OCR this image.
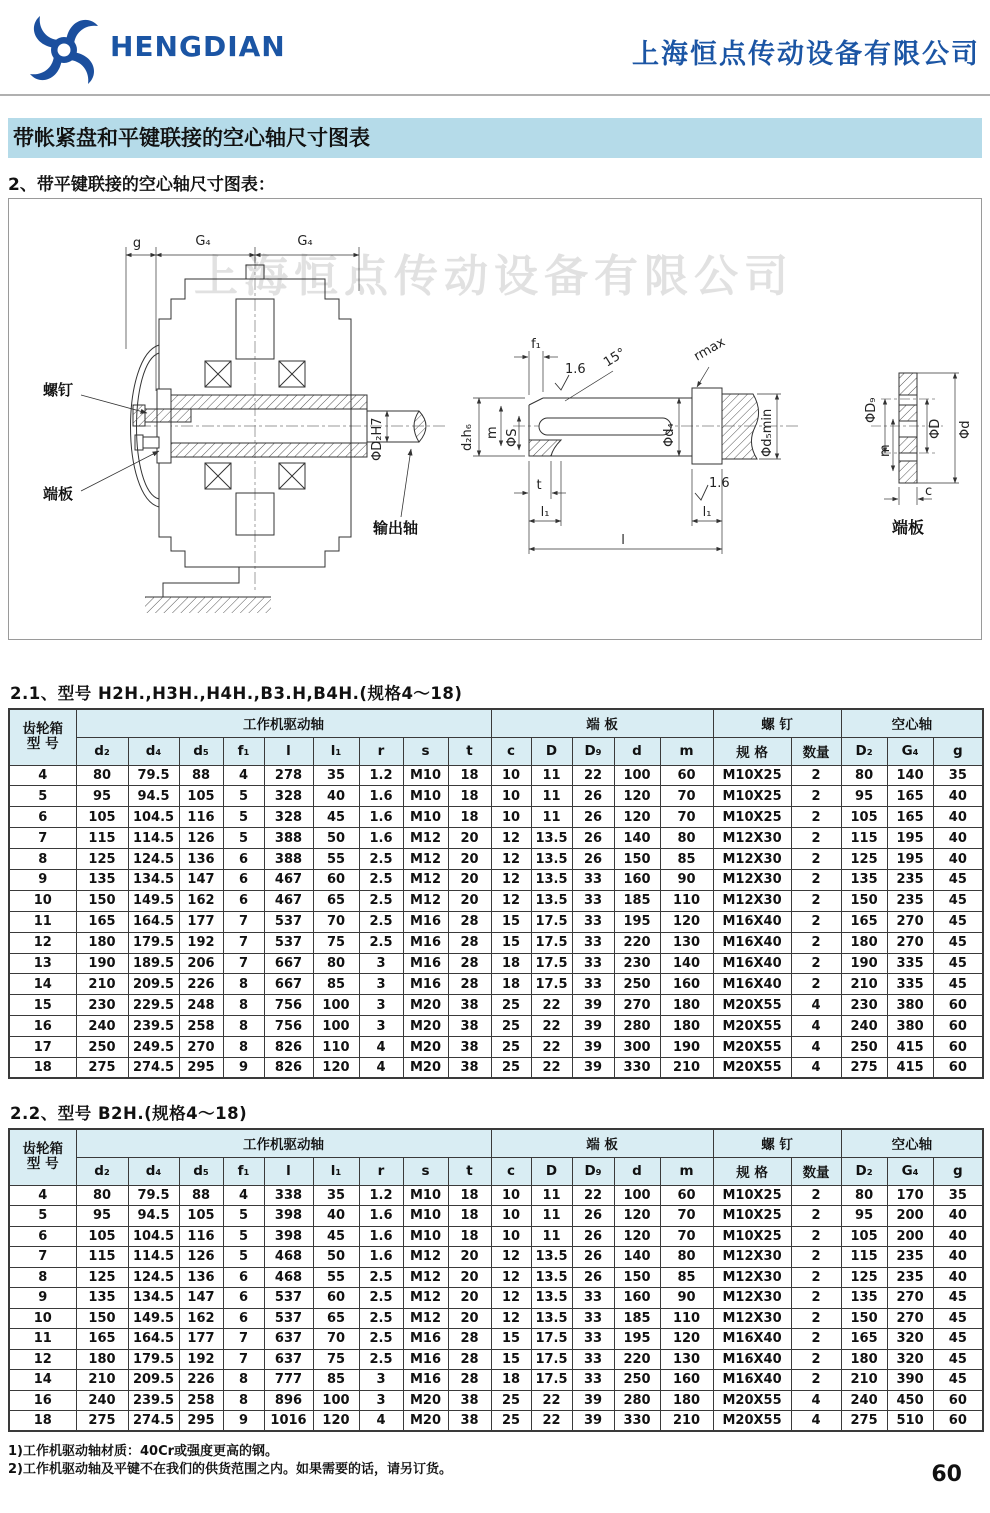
HENGDIAN	上海恒点传动设备有限公司
带帐紧盘和平键联接的空心轴尺寸图表
2、带平键联接的空心轴尺寸图表：
上海恒点传动设备有限公司
g	G₄	G₄
螺钉
端板
输出轴
ΦD₂H7
f₁
1.6 15°	rmax
d₂h₆ m ΦS	Φd₄	Φd₅min
1.6
t
l₁	l₁
l
ΦD₉
m
ΦD Φd
c
端板
2.1、型号 H2H.,H3H.,H4H.,B3.H,B4H.(规格4～18)
齿轮箱
型 号	工作机驱动轴									端 板					螺 钉		空心轴		
	d₂	d₄	d₅	f₁	l	l₁	r	s	t	c	D	D₉	d	m	规 格	数量	D₂	G₄	g
4	80	79.5	88	4	278	35	1.2	M10	18	10	11	22	100	60	M10X25	2	80	140	35
5	95	94.5	105	5	328	40	1.6	M10	18	10	11	26	120	70	M10X25	2	95	165	40
6	105	104.5	116	5	328	45	1.6	M10	18	10	11	26	120	70	M10X25	2	105	165	40
7	115	114.5	126	5	388	50	1.6	M12	20	12	13.5	26	140	80	M12X30	2	115	195	40
8	125	124.5	136	6	388	55	2.5	M12	20	12	13.5	26	150	85	M12X30	2	125	195	40
9	135	134.5	147	6	467	60	2.5	M12	20	12	13.5	33	160	90	M12X30	2	135	235	45
10	150	149.5	162	6	467	65	2.5	M12	20	12	13.5	33	185	110	M12X30	2	150	235	45
11	165	164.5	177	7	537	70	2.5	M16	28	15	17.5	33	195	120	M16X40	2	165	270	45
12	180	179.5	192	7	537	75	2.5	M16	28	15	17.5	33	220	130	M16X40	2	180	270	45
13	190	189.5	206	7	667	80	3	M16	28	18	17.5	33	230	140	M16X40	2	190	335	45
14	210	209.5	226	8	667	85	3	M16	28	18	17.5	33	250	160	M16X40	2	210	335	45
15	230	229.5	248	8	756	100	3	M20	38	25	22	39	270	180	M20X55	4	230	380	60
16	240	239.5	258	8	756	100	3	M20	38	25	22	39	280	180	M20X55	4	240	380	60
17	250	249.5	270	8	826	110	4	M20	38	25	22	39	300	190	M20X55	4	250	415	60
18	275	274.5	295	9	826	120	4	M20	38	25	22	39	330	210	M20X55	4	275	415	60
2.2、型号 B2H.(规格4～18)
齿轮箱
型 号	工作机驱动轴									端 板					螺 钉		空心轴		
	d₂	d₄	d₅	f₁	l	l₁	r	s	t	c	D	D₉	d	m	规 格	数量	D₂	G₄	g
4	80	79.5	88	4	338	35	1.2	M10	18	10	11	22	100	60	M10X25	2	80	170	35
5	95	94.5	105	5	398	40	1.6	M10	18	10	11	26	120	70	M10X25	2	95	200	40
6	105	104.5	116	5	398	45	1.6	M10	18	10	11	26	120	70	M10X25	2	105	200	40
7	115	114.5	126	5	468	50	1.6	M12	20	12	13.5	26	140	80	M12X30	2	115	235	40
8	125	124.5	136	6	468	55	2.5	M12	20	12	13.5	26	150	85	M12X30	2	125	235	40
9	135	134.5	147	6	537	60	2.5	M12	20	12	13.5	33	160	90	M12X30	2	135	270	45
10	150	149.5	162	6	537	65	2.5	M12	20	12	13.5	33	185	110	M12X30	2	150	270	45
11	165	164.5	177	7	637	70	2.5	M16	28	15	17.5	33	195	120	M16X40	2	165	320	45
12	180	179.5	192	7	637	75	2.5	M16	28	15	17.5	33	220	130	M16X40	2	180	320	45
14	210	209.5	226	8	777	85	3	M16	28	18	17.5	33	250	160	M16X40	2	210	390	45
16	240	239.5	258	8	896	100	3	M20	38	25	22	39	280	180	M20X55	4	240	450	60
18	275	274.5	295	9	1016	120	4	M20	38	25	22	39	330	210	M20X55	4	275	510	60
1)工作机驱动轴材质：40Cr或强度更高的钢。
2)工作机驱动轴及平键不在我们的供货范围之内。如果需要的话，请另订货。	60
